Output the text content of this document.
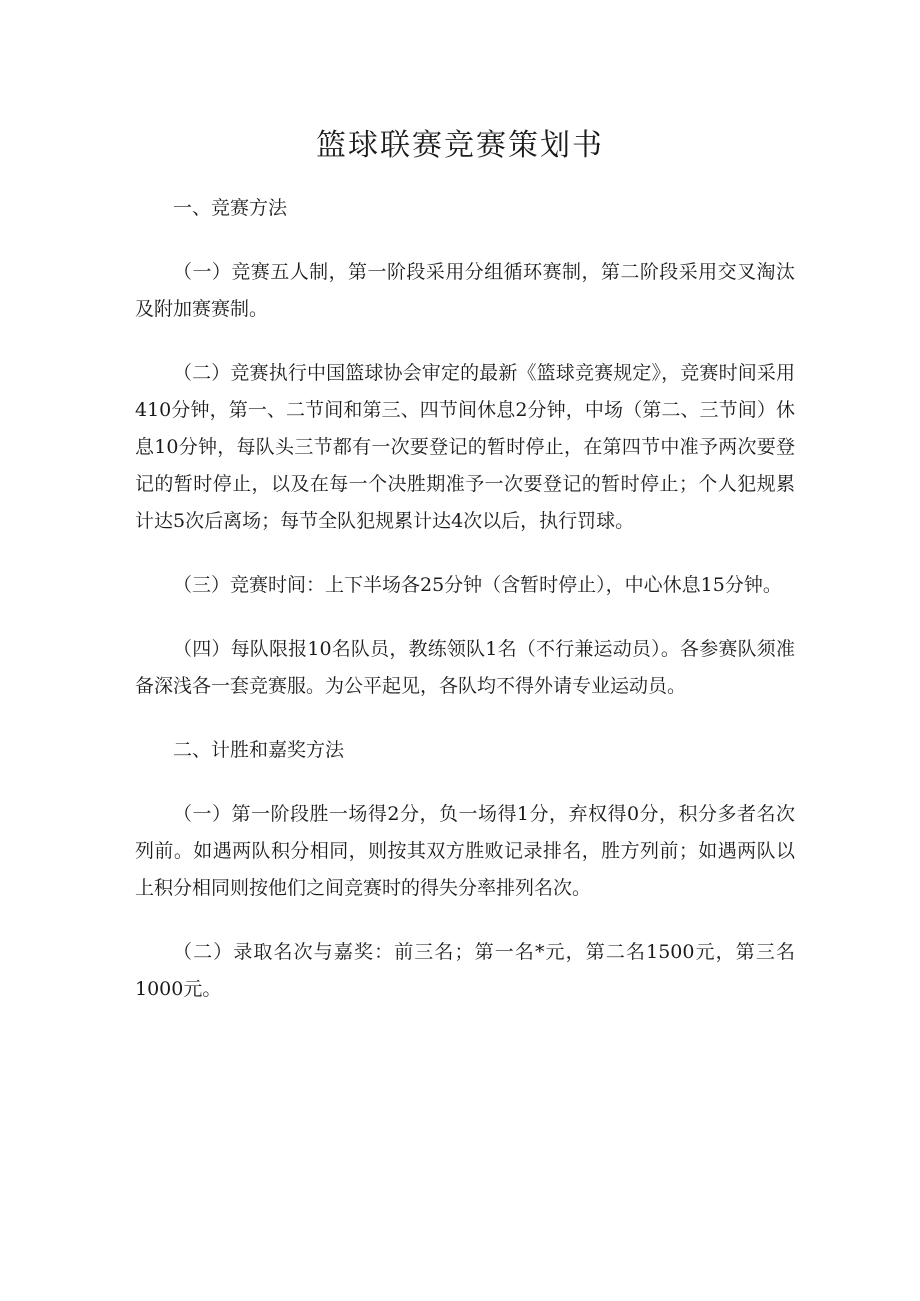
篮球联赛竞赛策划书

一、竞赛方法

（一）竞赛五人制，第一阶段采用分组循环赛制，第二阶段采用交叉淘汰及附加赛赛制。

（二）竞赛执行中国篮球协会审定的最新《篮球竞赛规定》，竞赛时间采用410分钟，第一、二节间和第三、四节间休息2分钟，中场（第二、三节间）休息10分钟，每队头三节都有一次要登记的暂时停止，在第四节中准予两次要登记的暂时停止，以及在每一个决胜期准予一次要登记的暂时停止；个人犯规累计达5次后离场；每节全队犯规累计达4次以后，执行罚球。

（三）竞赛时间：上下半场各25分钟（含暂时停止），中心休息15分钟。

（四）每队限报10名队员，教练领队1名（不行兼运动员）。各参赛队须准备深浅各一套竞赛服。为公平起见，各队均不得外请专业运动员。

二、计胜和嘉奖方法

（一）第一阶段胜一场得2分，负一场得1分，弃权得0分，积分多者名次列前。如遇两队积分相同，则按其双方胜败记录排名，胜方列前；如遇两队以上积分相同则按他们之间竞赛时的得失分率排列名次。

（二）录取名次与嘉奖：前三名；第一名*元，第二名1500元，第三名1000元。
